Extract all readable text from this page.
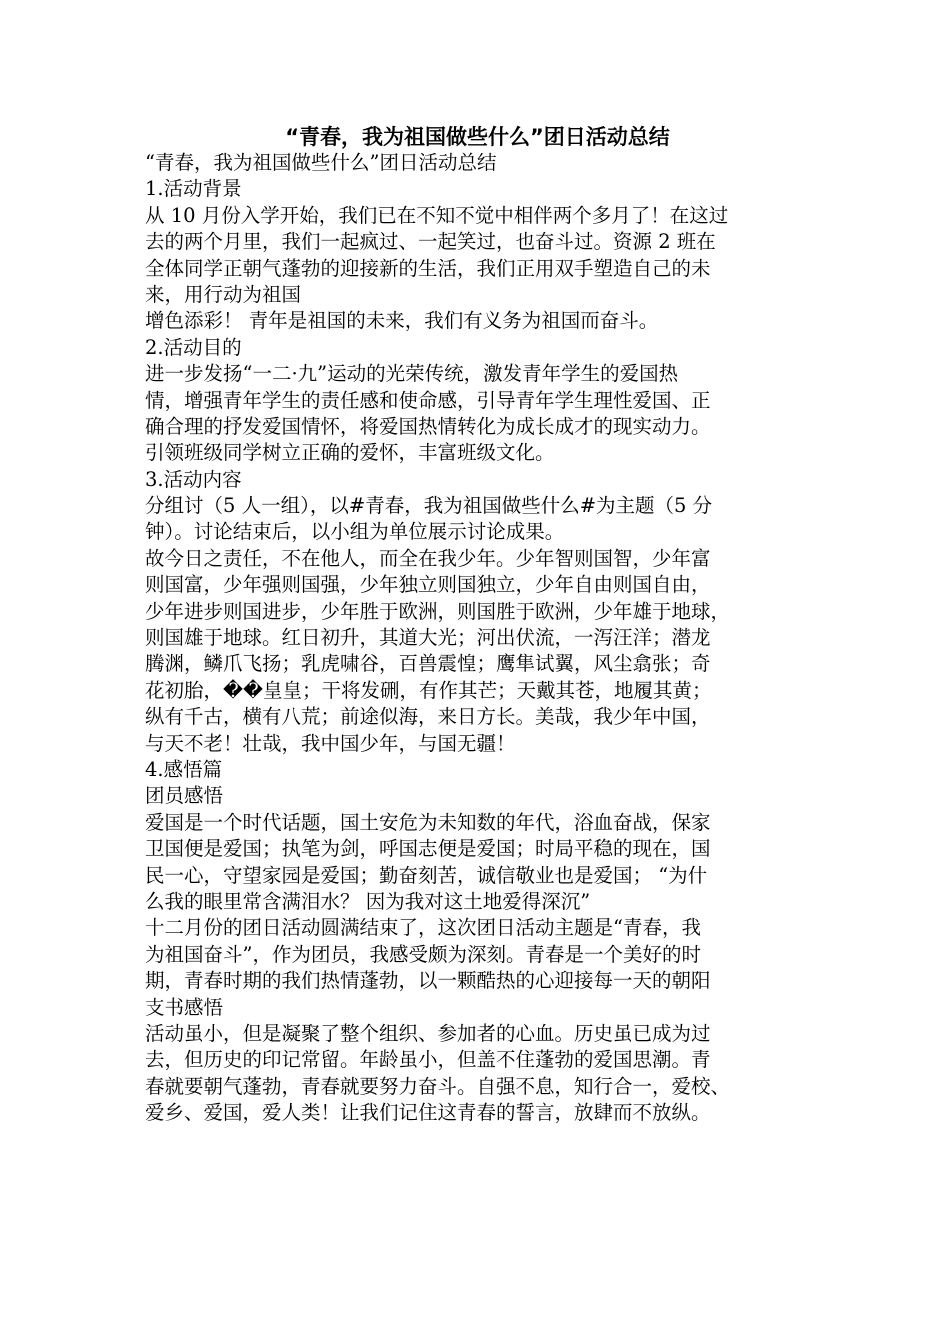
“青春，我为祖国做些什么”团日活动总结
“青春，我为祖国做些什么”团日活动总结
1.活动背景
从 10 月份入学开始，我们已在不知不觉中相伴两个多月了！在这过
去的两个月里，我们一起疯过、一起笑过，也奋斗过。资源 2 班在
全体同学正朝气蓬勃的迎接新的生活，我们正用双手塑造自己的未
来，用行动为祖国
增色添彩！ 青年是祖国的未来，我们有义务为祖国而奋斗。
2.活动目的
进一步发扬“一二·九”运动的光荣传统，激发青年学生的爱国热
情，增强青年学生的责任感和使命感，引导青年学生理性爱国、正
确合理的抒发爱国情怀，将爱国热情转化为成长成才的现实动力。
引领班级同学树立正确的爱怀，丰富班级文化。
3.活动内容
分组讨（5 人一组），以#青春，我为祖国做些什么#为主题（5 分
钟）。讨论结束后，以小组为单位展示讨论成果。
故今日之责任，不在他人，而全在我少年。少年智则国智，少年富
则国富，少年强则国强，少年独立则国独立，少年自由则国自由，
少年进步则国进步，少年胜于欧洲，则国胜于欧洲，少年雄于地球，
则国雄于地球。红日初升，其道大光；河出伏流，一泻汪洋；潜龙
腾渊，鳞爪飞扬；乳虎啸谷，百兽震惶；鹰隼试翼，风尘翕张；奇
花初胎，��皇皇；干将发硎，有作其芒；天戴其苍，地履其黄；
纵有千古，横有八荒；前途似海，来日方长。美哉，我少年中国，
与天不老！壮哉，我中国少年，与国无疆！
4.感悟篇
团员感悟
爱国是一个时代话题，国土安危为未知数的年代，浴血奋战，保家
卫国便是爱国；执笔为剑，呼国志便是爱国；时局平稳的现在，国
民一心，守望家园是爱国；勤奋刻苦，诚信敬业也是爱国； “为什
么我的眼里常含满泪水？ 因为我对这土地爱得深沉”
十二月份的团日活动圆满结束了，这次团日活动主题是“青春，我
为祖国奋斗”，作为团员，我感受颇为深刻。青春是一个美好的时
期，青春时期的我们热情蓬勃，以一颗酷热的心迎接每一天的朝阳
支书感悟
活动虽小，但是凝聚了整个组织、参加者的心血。历史虽已成为过
去，但历史的印记常留。年龄虽小，但盖不住蓬勃的爱国思潮。青
春就要朝气蓬勃，青春就要努力奋斗。自强不息，知行合一，爱校、
爱乡、爱国，爱人类！让我们记住这青春的誓言，放肆而不放纵。
